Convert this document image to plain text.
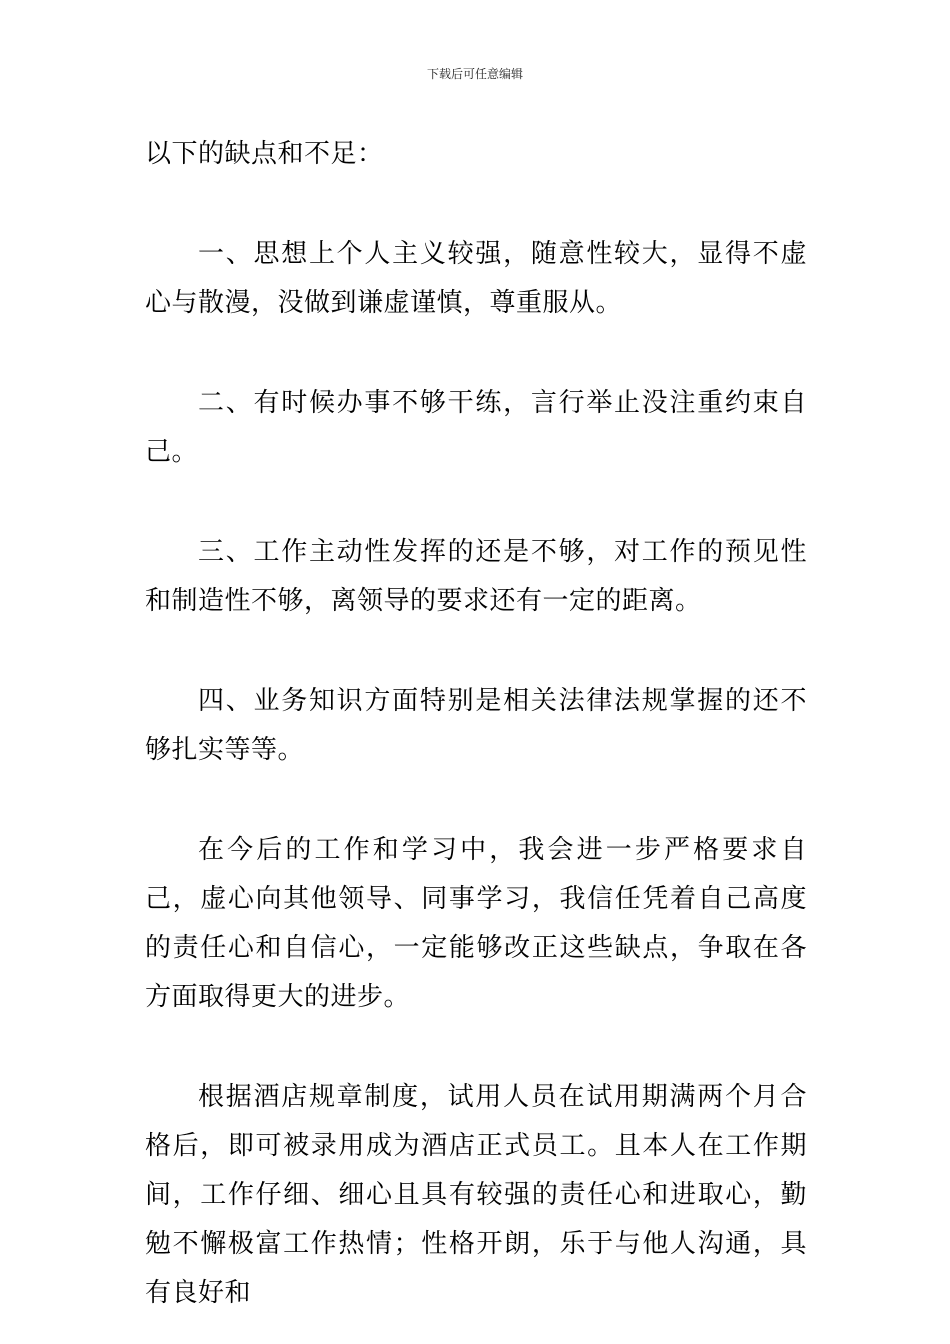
下载后可任意编辑

以下的缺点和不足：

一、思想上个人主义较强，随意性较大，显得不虚心与散漫，没做到谦虚谨慎，尊重服从。

二、有时候办事不够干练，言行举止没注重约束自己。

三、工作主动性发挥的还是不够，对工作的预见性和制造性不够，离领导的要求还有一定的距离。

四、业务知识方面特别是相关法律法规掌握的还不够扎实等等。

在今后的工作和学习中，我会进一步严格要求自己，虚心向其他领导、同事学习，我信任凭着自己高度的责任心和自信心，一定能够改正这些缺点，争取在各方面取得更大的进步。

根据酒店规章制度，试用人员在试用期满两个月合格后，即可被录用成为酒店正式员工。且本人在工作期间，工作仔细、细心且具有较强的责任心和进取心，勤勉不懈极富工作热情；性格开朗，乐于与他人沟通，具有良好和
